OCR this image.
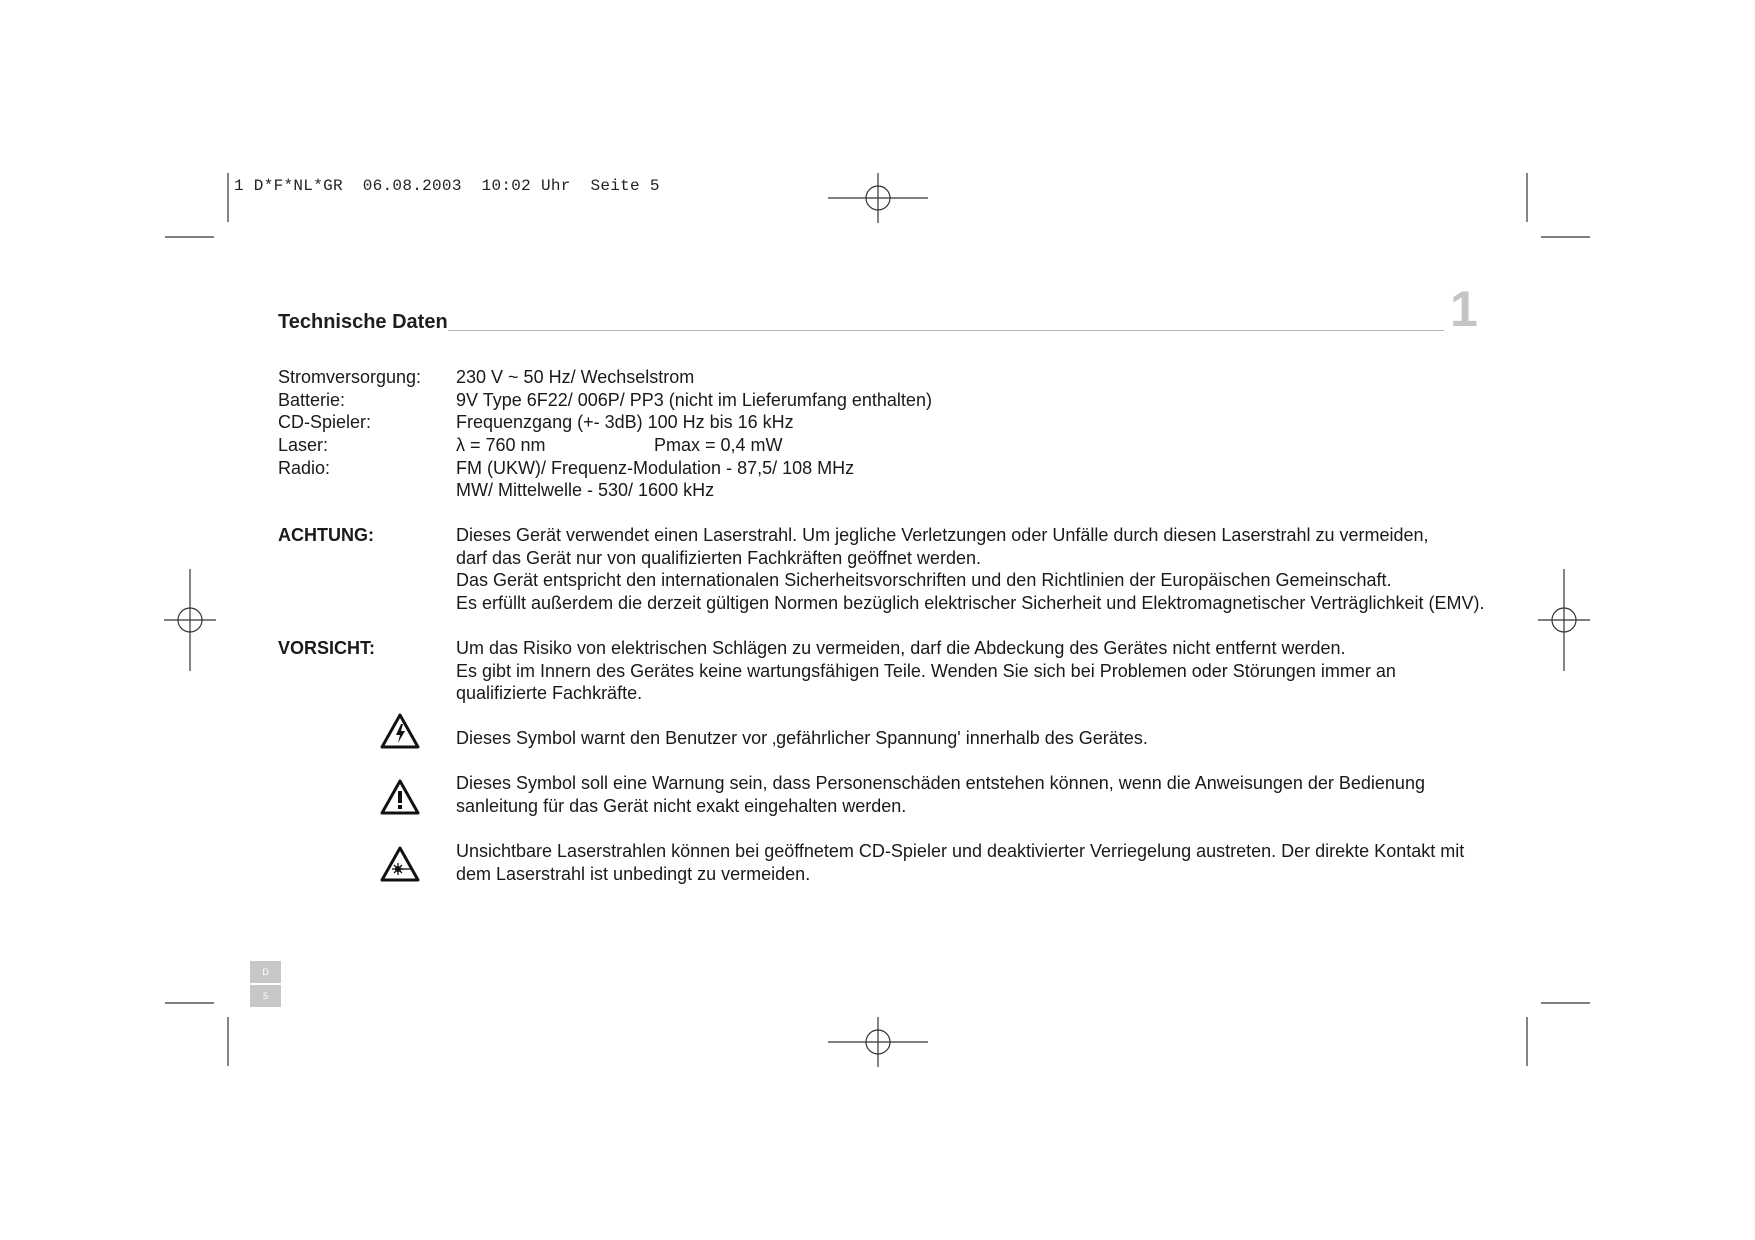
1 D*F*NL*GR  06.08.2003  10:02 Uhr  Seite 5
Technische Daten	1
Stromversorgung: 230 V ~ 50 Hz/ Wechselstrom
Batterie:	9V Type 6F22/ 006P/ PP3 (nicht im Lieferumfang enthalten)
CD-Spieler:	Frequenzgang (+- 3dB) 100 Hz bis 16 kHz
Laser:	λ = 760 nm	Pmax = 0,4 mW
Radio:	FM (UKW)/ Frequenz-Modulation - 87,5/ 108 MHz
MW/ Mittelwelle - 530/ 1600 kHz
ACHTUNG:	Dieses Gerät verwendet einen Laserstrahl. Um jegliche Verletzungen oder Unfälle durch diesen Laserstrahl zu vermeiden,
darf das Gerät nur von qualifizierten Fachkräften geöffnet werden.
Das Gerät entspricht den internationalen Sicherheitsvorschriften und den Richtlinien der Europäischen Gemeinschaft.
Es erfüllt außerdem die derzeit gültigen Normen bezüglich elektrischer Sicherheit und Elektromagnetischer Verträglichkeit (EMV).
VORSICHT:	Um das Risiko von elektrischen Schlägen zu vermeiden, darf die Abdeckung des Gerätes nicht entfernt werden.
Es gibt im Innern des Gerätes keine wartungsfähigen Teile. Wenden Sie sich bei Problemen oder Störungen immer an
qualifizierte Fachkräfte.
Dieses Symbol warnt den Benutzer vor ‚gefährlicher Spannung' innerhalb des Gerätes.
Dieses Symbol soll eine Warnung sein, dass Personenschäden entstehen können, wenn die Anweisungen der Bedienung
sanleitung für das Gerät nicht exakt eingehalten werden.
Unsichtbare Laserstrahlen können bei geöffnetem CD-Spieler und deaktivierter Verriegelung austreten. Der direkte Kontakt mit
dem Laserstrahl ist unbedingt zu vermeiden.
D
5
